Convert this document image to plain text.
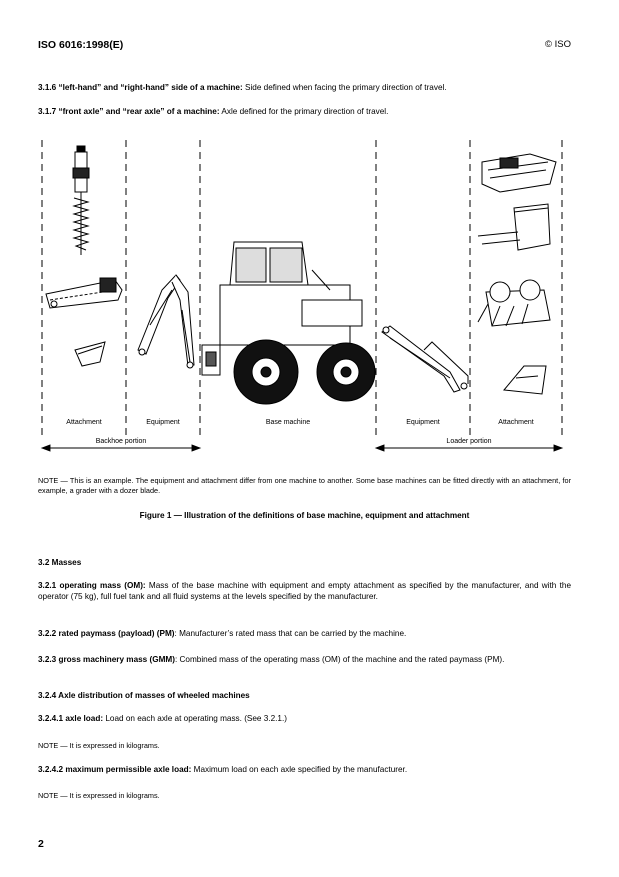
ISO 6016:1998(E)	© ISO
3.1.6 “left-hand” and “right-hand” side of a machine: Side defined when facing the primary direction of travel.
3.1.7 “front axle” and “rear axle” of a machine: Axle defined for the primary direction of travel.
Attachment	Equipment	Base machine	Equipment	Attachment
Backhoe portion	Loader portion
NOTE — This is an example. The equipment and attachment differ from one machine to another. Some base machines can be fitted directly with an attachment, for example, a grader with a dozer blade.
Figure 1 — Illustration of the definitions of base machine, equipment and attachment
3.2 Masses
3.2.1 operating mass (OM): Mass of the base machine with equipment and empty attachment as specified by the manufacturer, and with the operator (75 kg), full fuel tank and all fluid systems at the levels specified by the manufacturer.
3.2.2 rated paymass (payload) (PM): Manufacturer’s rated mass that can be carried by the machine.
3.2.3 gross machinery mass (GMM): Combined mass of the operating mass (OM) of the machine and the rated paymass (PM).
3.2.4 Axle distribution of masses of wheeled machines
3.2.4.1 axle load: Load on each axle at operating mass. (See 3.2.1.)
NOTE — It is expressed in kilograms.
3.2.4.2 maximum permissible axle load: Maximum load on each axle specified by the manufacturer.
NOTE — It is expressed in kilograms.
2
